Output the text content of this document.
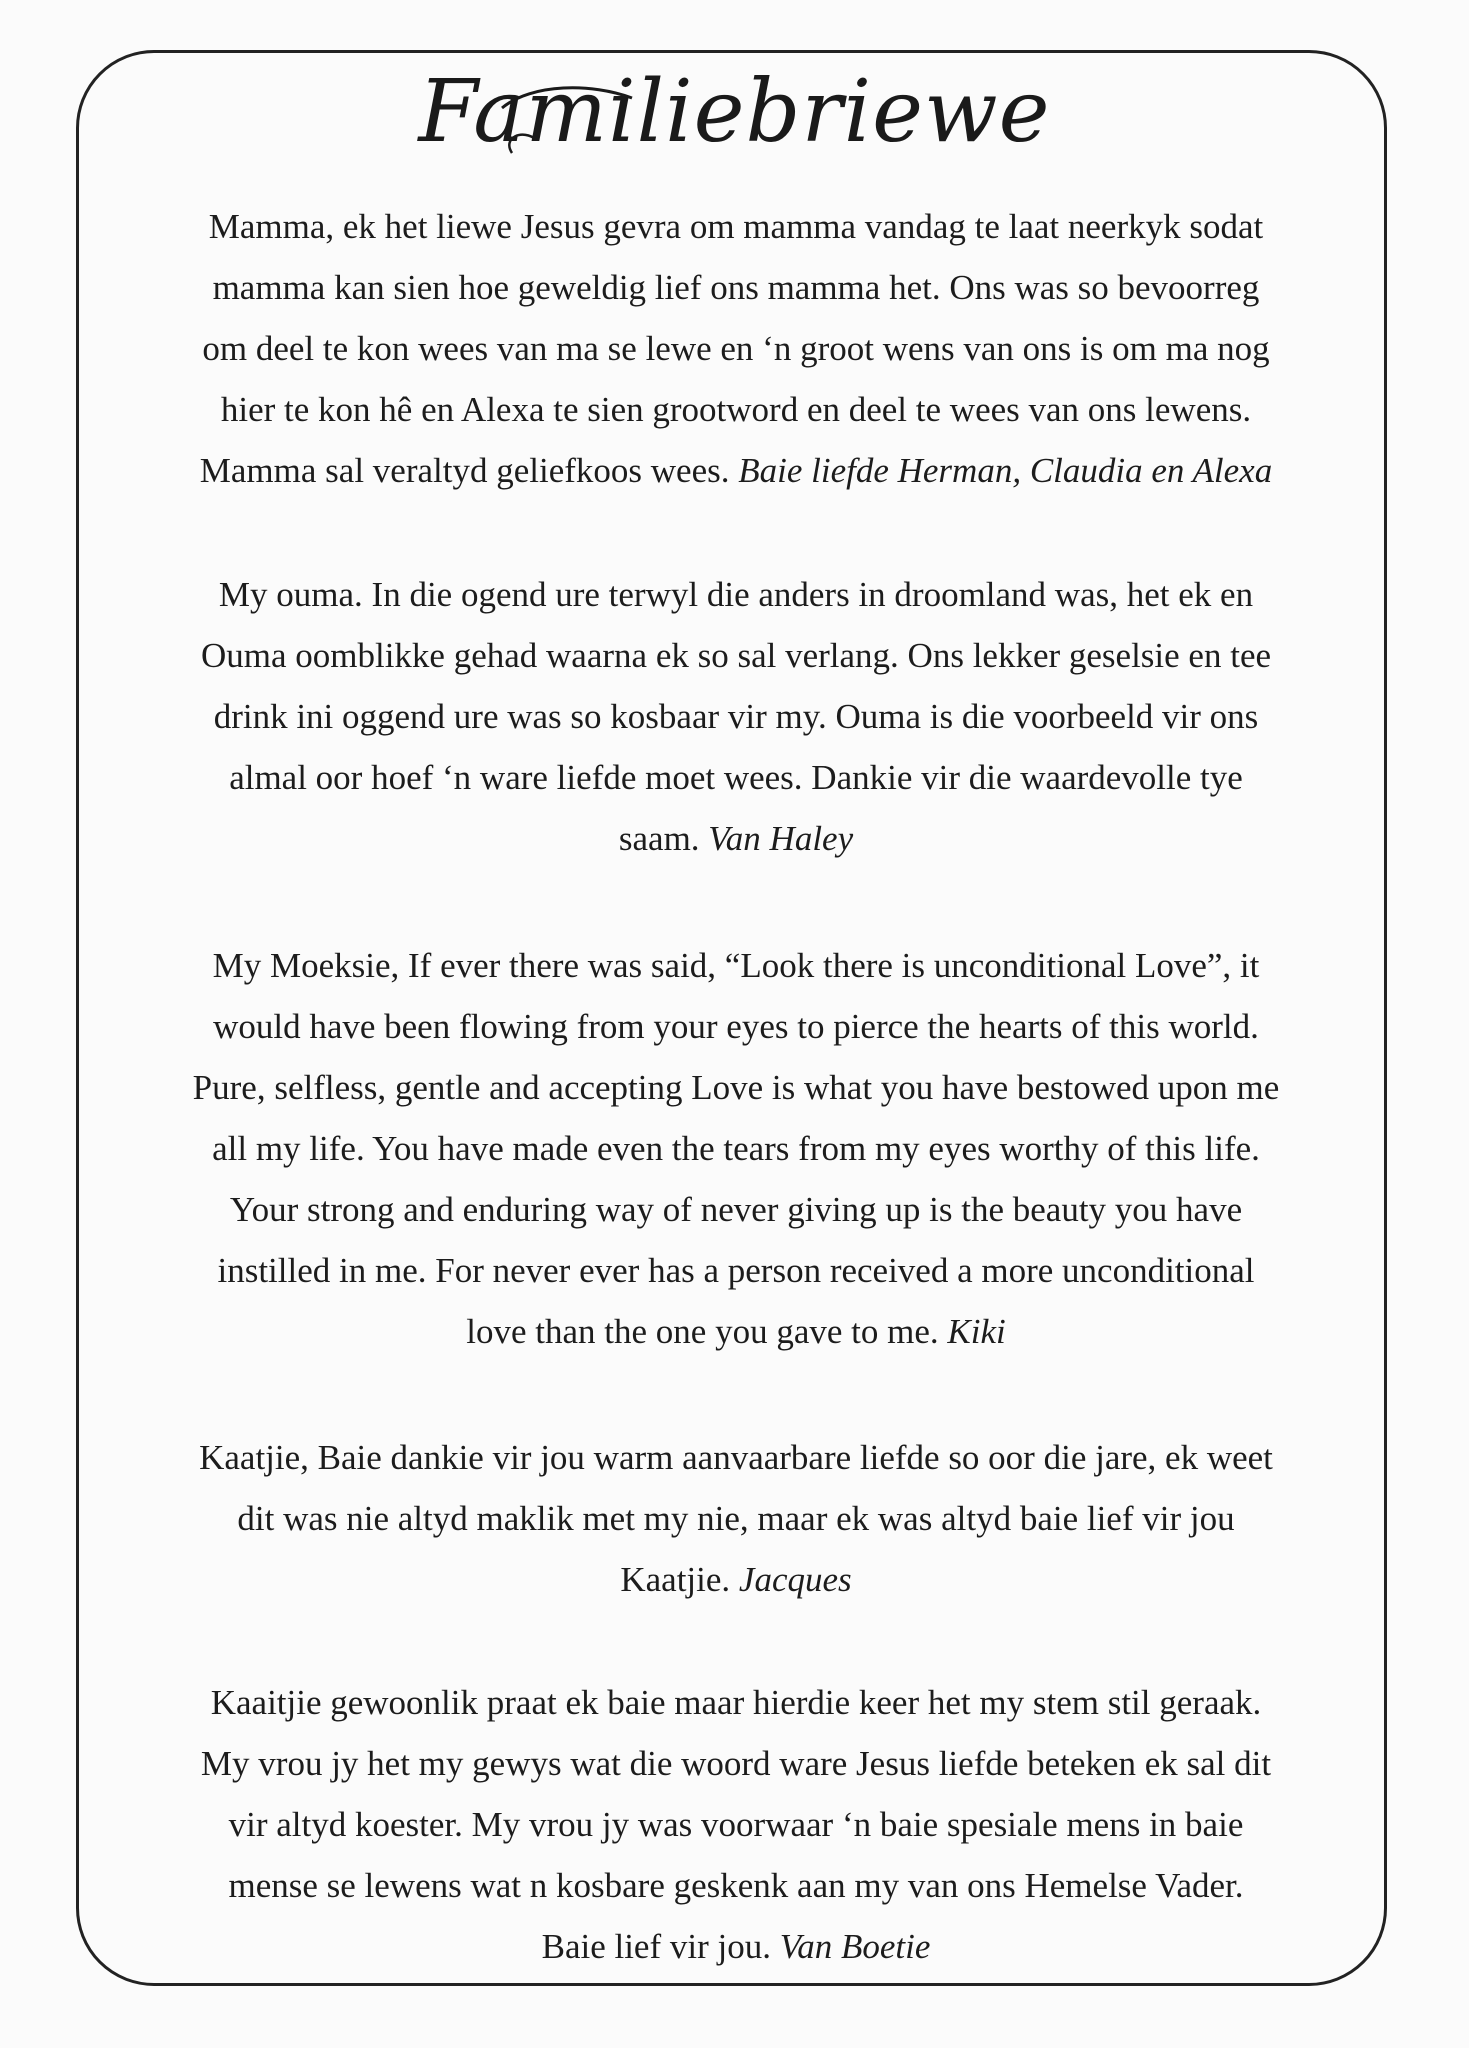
Familiebriewe

Mamma, ek het liewe Jesus gevra om mamma vandag te laat neerkyk sodat
mamma kan sien hoe geweldig lief ons mamma het. Ons was so bevoorreg
om deel te kon wees van ma se lewe en ‘n groot wens van ons is om ma nog
hier te kon hê en Alexa te sien grootword en deel te wees van ons lewens.
Mamma sal veraltyd geliefkoos wees. Baie liefde Herman, Claudia en Alexa

My ouma. In die ogend ure terwyl die anders in droomland was, het ek en
Ouma oomblikke gehad waarna ek so sal verlang. Ons lekker geselsie en tee
drink ini oggend ure was so kosbaar vir my. Ouma is die voorbeeld vir ons
almal oor hoef ‘n ware liefde moet wees. Dankie vir die waardevolle tye
saam. Van Haley

My Moeksie, If ever there was said, “Look there is unconditional Love”, it
would have been flowing from your eyes to pierce the hearts of this world.
Pure, selfless, gentle and accepting Love is what you have bestowed upon me
all my life. You have made even the tears from my eyes worthy of this life.
Your strong and enduring way of never giving up is the beauty you have
instilled in me. For never ever has a person received a more unconditional
love than the one you gave to me. Kiki

Kaatjie, Baie dankie vir jou warm aanvaarbare liefde so oor die jare, ek weet
dit was nie altyd maklik met my nie, maar ek was altyd baie lief vir jou
Kaatjie. Jacques

Kaaitjie gewoonlik praat ek baie maar hierdie keer het my stem stil geraak.
My vrou jy het my gewys wat die woord ware Jesus liefde beteken ek sal dit
vir altyd koester. My vrou jy was voorwaar ‘n baie spesiale mens in baie
mense se lewens wat n kosbare geskenk aan my van ons Hemelse Vader.
Baie lief vir jou. Van Boetie
